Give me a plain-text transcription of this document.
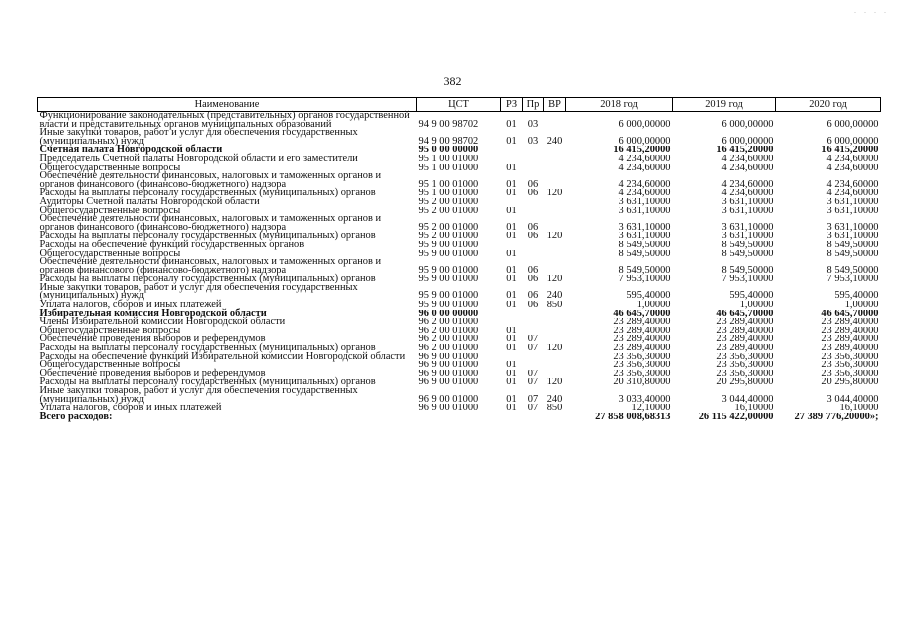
. . . .
382
Наименование	ЦСТ	РЗ	Пр	ВР	2018 год	2019 год	2020 год
Функционирование законодательных (представительных) органов государственной власти и представительных органов муниципальных образований	94 9 00 98702	01	03		6 000,00000	6 000,00000	6 000,00000
Иные закупки товаров, работ и услуг для обеспечения государственных (муниципальных) нужд	94 9 00 98702	01	03	240	6 000,00000	6 000,00000	6 000,00000
Счетная палата Новгородской области	95 0 00 00000				16 415,20000	16 415,20000	16 415,20000
Председатель Счетной палаты Новгородской области и его заместители	95 1 00 01000				4 234,60000	4 234,60000	4 234,60000
Общегосударственные вопросы	95 1 00 01000	01			4 234,60000	4 234,60000	4 234,60000
Обеспечение деятельности финансовых, налоговых и таможенных органов и органов финансового (финансово-бюджетного) надзора	95 1 00 01000	01	06		4 234,60000	4 234,60000	4 234,60000
Расходы на выплаты персоналу государственных (муниципальных) органов	95 1 00 01000	01	06	120	4 234,60000	4 234,60000	4 234,60000
Аудиторы Счетной палаты Новгородской области	95 2 00 01000				3 631,10000	3 631,10000	3 631,10000
Общегосударственные вопросы	95 2 00 01000	01			3 631,10000	3 631,10000	3 631,10000
Обеспечение деятельности финансовых, налоговых и таможенных органов и органов финансового (финансово-бюджетного) надзора	95 2 00 01000	01	06		3 631,10000	3 631,10000	3 631,10000
Расходы на выплаты персоналу государственных (муниципальных) органов	95 2 00 01000	01	06	120	3 631,10000	3 631,10000	3 631,10000
Расходы на обеспечение функций государственных органов	95 9 00 01000				8 549,50000	8 549,50000	8 549,50000
Общегосударственные вопросы	95 9 00 01000	01			8 549,50000	8 549,50000	8 549,50000
Обеспечение деятельности финансовых, налоговых и таможенных органов и органов финансового (финансово-бюджетного) надзора	95 9 00 01000	01	06		8 549,50000	8 549,50000	8 549,50000
Расходы на выплаты персоналу государственных (муниципальных) органов	95 9 00 01000	01	06	120	7 953,10000	7 953,10000	7 953,10000
Иные закупки товаров, работ и услуг для обеспечения государственных (муниципальных) нужд	95 9 00 01000	01	06	240	595,40000	595,40000	595,40000
Уплата налогов, сборов и иных платежей	95 9 00 01000	01	06	850	1,00000	1,00000	1,00000
Избирательная комиссия Новгородской области	96 0 00 00000				46 645,70000	46 645,70000	46 645,70000
Члены Избирательной комиссии Новгородской области	96 2 00 01000				23 289,40000	23 289,40000	23 289,40000
Общегосударственные вопросы	96 2 00 01000	01			23 289,40000	23 289,40000	23 289,40000
Обеспечение проведения выборов и референдумов	96 2 00 01000	01	07		23 289,40000	23 289,40000	23 289,40000
Расходы на выплаты персоналу государственных (муниципальных) органов	96 2 00 01000	01	07	120	23 289,40000	23 289,40000	23 289,40000
Расходы на обеспечение функций Избирательной комиссии Новгородской области	96 9 00 01000				23 356,30000	23 356,30000	23 356,30000
Общегосударственные вопросы	96 9 00 01000	01			23 356,30000	23 356,30000	23 356,30000
Обеспечение проведения выборов и референдумов	96 9 00 01000	01	07		23 356,30000	23 356,30000	23 356,30000
Расходы на выплаты персоналу государственных (муниципальных) органов	96 9 00 01000	01	07	120	20 310,80000	20 295,80000	20 295,80000
Иные закупки товаров, работ и услуг для обеспечения государственных (муниципальных) нужд	96 9 00 01000	01	07	240	3 033,40000	3 044,40000	3 044,40000
Уплата налогов, сборов и иных платежей	96 9 00 01000	01	07	850	12,10000	16,10000	16,10000
Всего расходов:					27 858 008,68313	26 115 422,00000	27 389 776,20000»;
